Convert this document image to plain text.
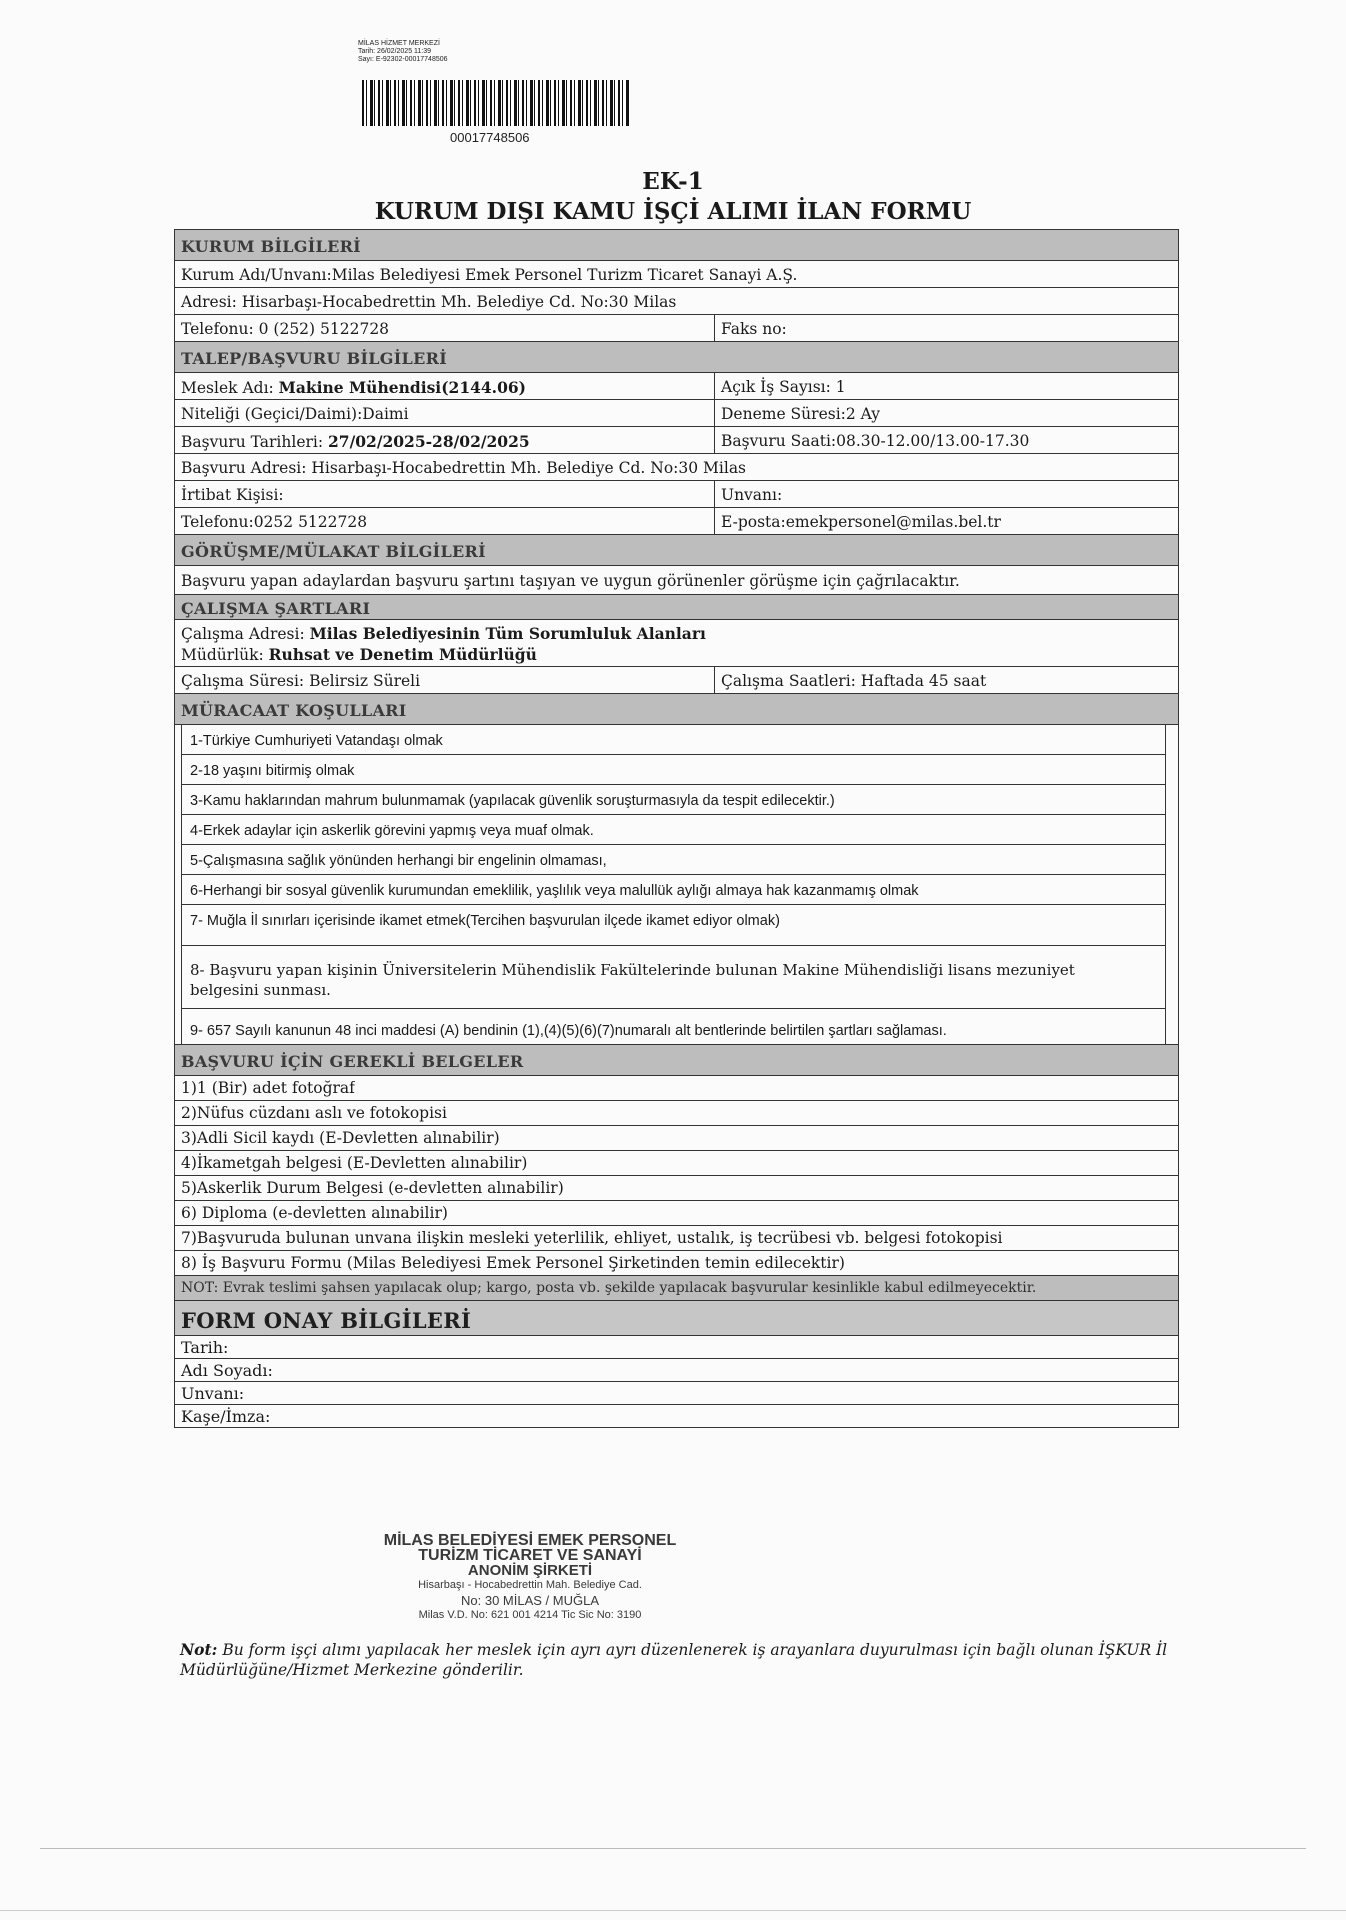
MİLAS HİZMET MERKEZİ
Tarih: 26/02/2025 11:39
Sayı: E-92302-00017748506
00017748506
EK-1
KURUM DIŞI KAMU İŞÇİ ALIMI İLAN FORMU
KURUM BİLGİLERİ
Kurum Adı/Unvanı:Milas Belediyesi Emek Personel Turizm Ticaret Sanayi A.Ş.
Adresi: Hisarbaşı-Hocabedrettin Mh. Belediye Cd. No:30 Milas
Telefonu: 0 (252) 5122728	Faks no:
TALEP/BAŞVURU BİLGİLERİ
Meslek Adı: Makine Mühendisi(2144.06)	Açık İş Sayısı: 1
Niteliği (Geçici/Daimi):Daimi	Deneme Süresi:2 Ay
Başvuru Tarihleri: 27/02/2025-28/02/2025	Başvuru Saati:08.30-12.00/13.00-17.30
Başvuru Adresi: Hisarbaşı-Hocabedrettin Mh. Belediye Cd. No:30 Milas
İrtibat Kişisi:	Unvanı:
Telefonu:0252 5122728	E-posta:emekpersonel@milas.bel.tr
GÖRÜŞME/MÜLAKAT BİLGİLERİ
Başvuru yapan adaylardan başvuru şartını taşıyan ve uygun görünenler görüşme için çağrılacaktır.
ÇALIŞMA ŞARTLARI
Çalışma Adresi: Milas Belediyesinin Tüm Sorumluluk Alanları
Müdürlük: Ruhsat ve Denetim Müdürlüğü
Çalışma Süresi: Belirsiz Süreli	Çalışma Saatleri: Haftada 45 saat
MÜRACAAT KOŞULLARI
1-Türkiye Cumhuriyeti Vatandaşı olmak
2-18 yaşını bitirmiş olmak
3-Kamu haklarından mahrum bulunmamak (yapılacak güvenlik soruşturmasıyla da tespit edilecektir.)
4-Erkek adaylar için askerlik görevini yapmış veya muaf olmak.
5-Çalışmasına sağlık yönünden herhangi bir engelinin olmaması,
6-Herhangi bir sosyal güvenlik kurumundan emeklilik, yaşlılık veya malullük aylığı almaya hak kazanmamış olmak
7- Muğla İl sınırları içerisinde ikamet etmek(Tercihen başvurulan ilçede ikamet ediyor olmak)
8- Başvuru yapan kişinin Üniversitelerin Mühendislik Fakültelerinde bulunan Makine Mühendisliği lisans mezuniyet belgesini sunması.
9- 657 Sayılı kanunun 48 inci maddesi (A) bendinin (1),(4)(5)(6)(7)numaralı alt bentlerinde belirtilen şartları sağlaması.
BAŞVURU İÇİN GEREKLİ BELGELER
1)1 (Bir) adet fotoğraf
2)Nüfus cüzdanı aslı ve fotokopisi
3)Adli Sicil kaydı (E-Devletten alınabilir)
4)İkametgah belgesi (E-Devletten alınabilir)
5)Askerlik Durum Belgesi (e-devletten alınabilir)
6) Diploma (e-devletten alınabilir)
7)Başvuruda bulunan unvana ilişkin mesleki yeterlilik, ehliyet, ustalık, iş tecrübesi vb. belgesi fotokopisi
8) İş Başvuru Formu (Milas Belediyesi Emek Personel Şirketinden temin edilecektir)
NOT: Evrak teslimi şahsen yapılacak olup; kargo, posta vb. şekilde yapılacak başvurular kesinlikle kabul edilmeyecektir.
FORM ONAY BİLGİLERİ
Tarih:
Adı Soyadı:
Unvanı:
Kaşe/İmza:
MİLAS BELEDİYESİ EMEK PERSONEL
TURİZM TİCARET VE SANAYİ
ANONİM ŞİRKETİ
Hisarbaşı - Hocabedrettin Mah. Belediye Cad.
No: 30 MİLAS / MUĞLA
Milas V.D. No: 621 001 4214 Tic Sic No: 3190
Not: Bu form işçi alımı yapılacak her meslek için ayrı ayrı düzenlenerek iş arayanlara duyurulması için bağlı olunan İŞKUR İl Müdürlüğüne/Hizmet Merkezine gönderilir.
